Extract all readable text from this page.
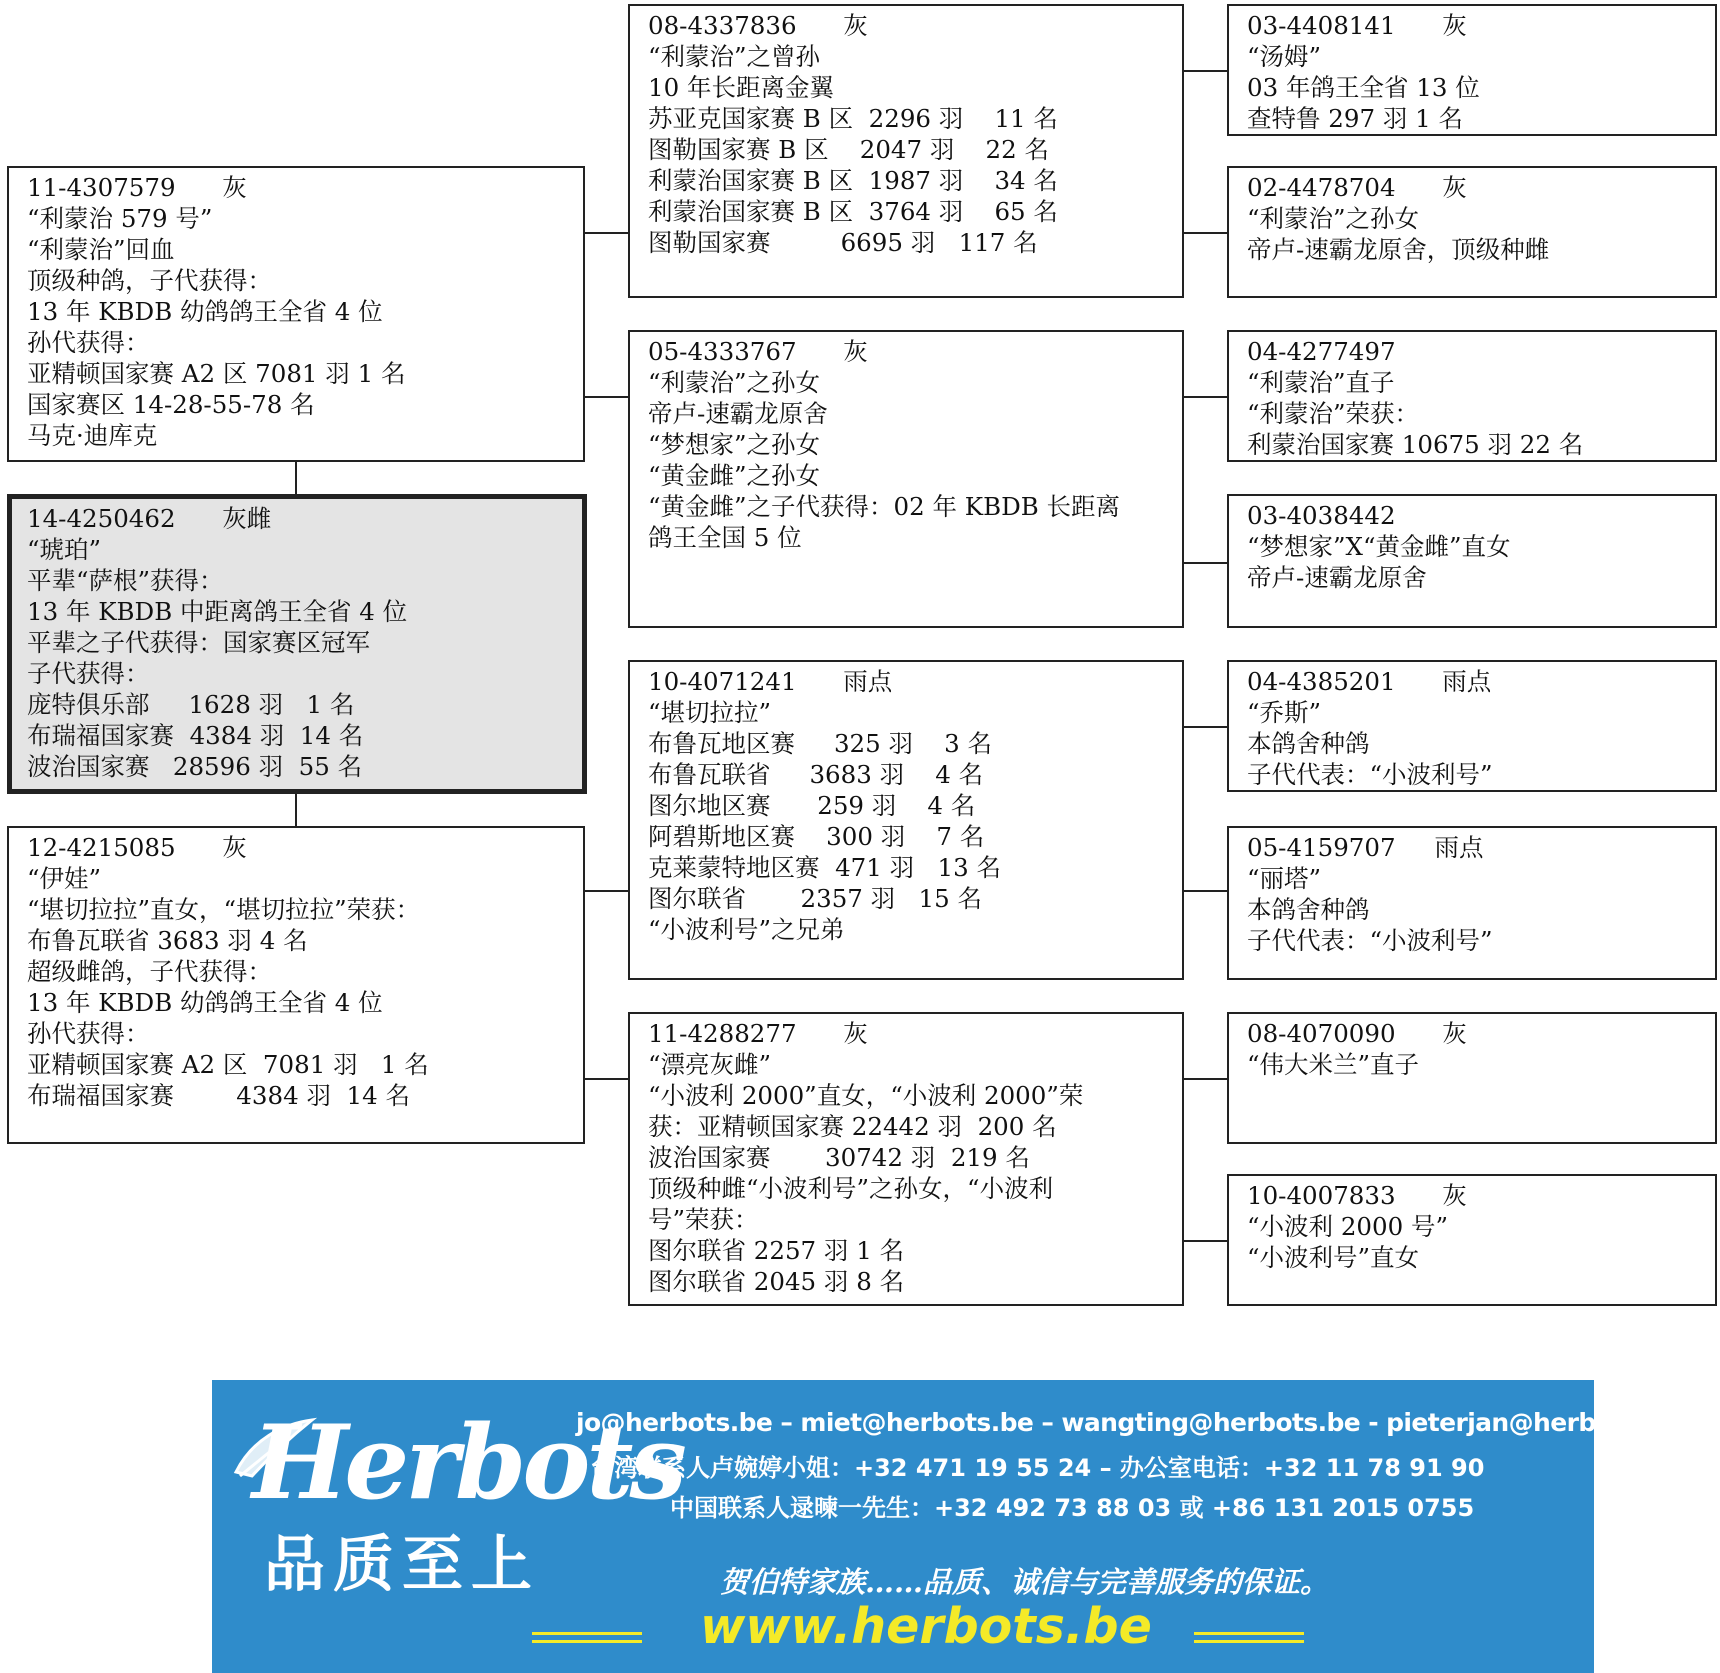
11-4307579      灰
“利蒙治 579 号”
“利蒙治”回血
顶级种鸽，子代获得：
13 年 KBDB 幼鸽鸽王全省 4 位
孙代获得：
亚精顿国家赛 A2 区 7081 羽 1 名
国家赛区 14-28-55-78 名
马克·迪库克
14-4250462      灰雌
“琥珀”
平辈“萨根”获得：
13 年 KBDB 中距离鸽王全省 4 位
平辈之子代获得：国家赛区冠军
子代获得：
庞特俱乐部     1628 羽   1 名
布瑞福国家赛  4384 羽  14 名
波治国家赛   28596 羽  55 名
12-4215085      灰
“伊娃”
“堪切拉拉”直女，“堪切拉拉”荣获：
布鲁瓦联省 3683 羽 4 名
超级雌鸽，子代获得：
13 年 KBDB 幼鸽鸽王全省 4 位
孙代获得：
亚精顿国家赛 A2 区  7081 羽   1 名
布瑞福国家赛        4384 羽  14 名
08-4337836      灰
“利蒙治”之曾孙
10 年长距离金翼
苏亚克国家赛 B 区  2296 羽    11 名
图勒国家赛 B 区    2047 羽    22 名
利蒙治国家赛 B 区  1987 羽    34 名
利蒙治国家赛 B 区  3764 羽    65 名
图勒国家赛         6695 羽   117 名
05-4333767      灰
“利蒙治”之孙女
帝卢-速霸龙原舍
“梦想家”之孙女
“黄金雌”之孙女
“黄金雌”之子代获得：02 年 KBDB 长距离
鸽王全国 5 位
10-4071241      雨点
“堪切拉拉”
布鲁瓦地区赛     325 羽    3 名
布鲁瓦联省     3683 羽    4 名
图尔地区赛      259 羽    4 名
阿碧斯地区赛    300 羽    7 名
克莱蒙特地区赛  471 羽   13 名
图尔联省       2357 羽   15 名
“小波利号”之兄弟
11-4288277      灰
“漂亮灰雌”
“小波利 2000”直女，“小波利 2000”荣
获：亚精顿国家赛 22442 羽  200 名
波治国家赛       30742 羽  219 名
顶级种雌“小波利号”之孙女，“小波利
号”荣获：
图尔联省 2257 羽 1 名
图尔联省 2045 羽 8 名
03-4408141      灰
“汤姆”
03 年鸽王全省 13 位
查特鲁 297 羽 1 名
02-4478704      灰
“利蒙治”之孙女
帝卢-速霸龙原舍，顶级种雌
04-4277497
“利蒙治”直子
“利蒙治”荣获：
利蒙治国家赛 10675 羽 22 名
03-4038442
“梦想家”X“黄金雌”直女
帝卢-速霸龙原舍
04-4385201      雨点
“乔斯”
本鸽舍种鸽
子代代表：“小波利号”
05-4159707     雨点
“丽塔”
本鸽舍种鸽
子代代表：“小波利号”
08-4070090      灰
“伟大米兰”直子
10-4007833      灰
“小波利 2000 号”
“小波利号”直女
Herbots
品质至上
jo@herbots.be – miet@herbots.be – wangting@herbots.be - pieterjan@herbots.be
台湾联系人卢婉婷小姐：+32 471 19 55 24 – 办公室电话：+32 11 78 91 90
中国联系人逯暕一先生：+32 492 73 88 03 或 +86 131 2015 0755
贺伯特家族……品质、诚信与完善服务的保证。
www.herbots.be
